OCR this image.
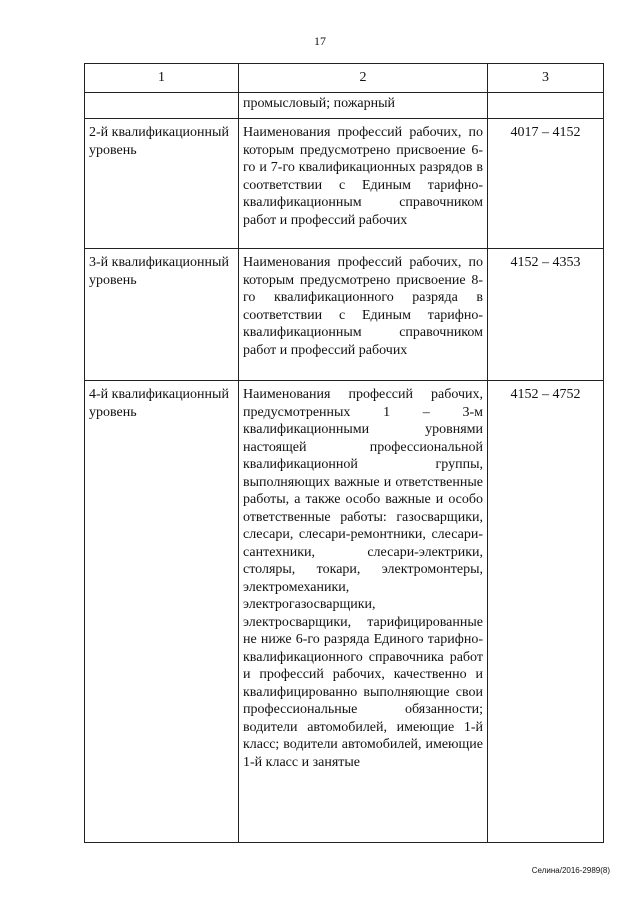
17
1	2	3
	промысловый; пожарный	
2-й квалификационный уровень	Наименования профессий рабочих, по которым предусмотрено присвоение 6-го и 7-го квалификационных разрядов в соответствии с Единым тарифно-квалификационным справочником работ и профессий рабочих	4017 – 4152
3-й квалификационный уровень	Наименования профессий рабочих, по которым предусмотрено присвоение 8-го квалификационного разряда в соответствии с Единым тарифно-квалификационным справочником работ и профессий рабочих	4152 – 4353
4-й квалификационный уровень	Наименования профессий рабочих, предусмотренных 1 – 3-м квалификационными уровнями настоящей профессиональной квалификационной группы, выполняющих важные и ответственные работы, а также особо важные и особо ответственные работы: газосварщики, слесари, слесари-ремонтники, слесари-сантехники, слесари-электрики, столяры, токари, электромонтеры, электромеханики, электрогазосварщики, электросварщики, тарифицированные не ниже 6-го разряда Единого тарифно-квалификационного справочника работ и профессий рабочих, качественно и квалифицированно выполняющие свои профессиональные обязанности; водители автомобилей, имеющие 1-й класс; водители автомобилей, имеющие 1-й класс и занятые	4152 – 4752
Селина/2016-2989(8)
